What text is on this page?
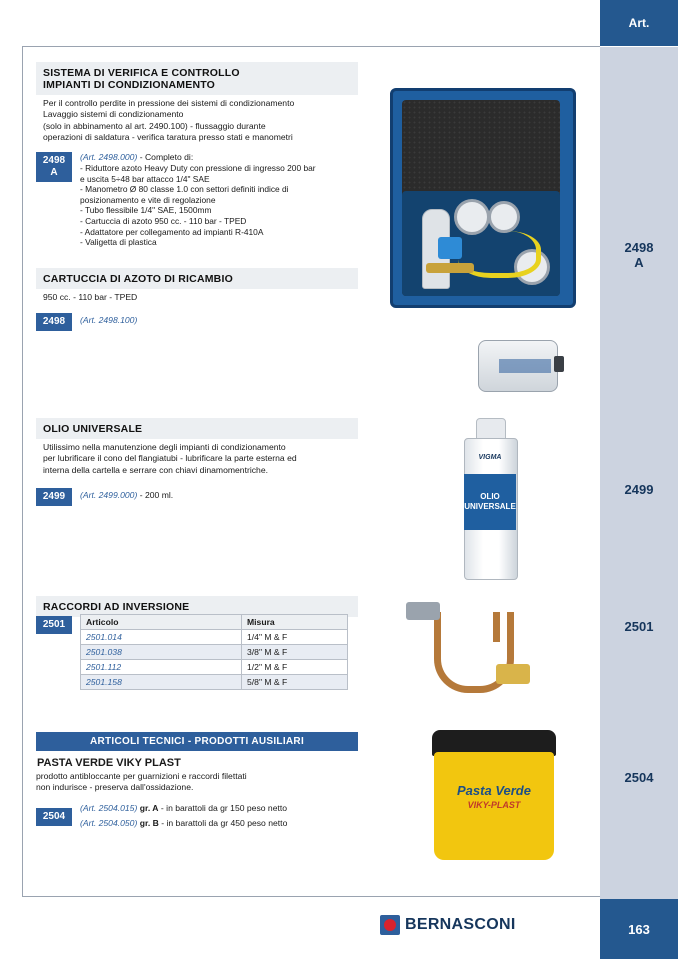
Art.
2498
A
2499
2501
2504
163
SISTEMA DI VERIFICA E CONTROLLO
IMPIANTI DI CONDIZIONAMENTO
Per il controllo perdite in pressione dei sistemi di condizionamento
Lavaggio sistemi di condizionamento
(solo in abbinamento al art. 2490.100) - flussaggio durante
operazioni di saldatura - verifica taratura presso stati e manometri
2498
A
(Art. 2498.000) - Completo di:
- Riduttore azoto Heavy Duty con pressione di ingresso 200 bar
e uscita 5÷48 bar attacco 1/4" SAE
- Manometro Ø 80 classe 1.0 con settori definiti indice di
posizionamento e vite di regolazione
- Tubo flessibile 1/4" SAE, 1500mm
- Cartuccia di azoto 950 cc. - 110 bar - TPED
- Adattatore per collegamento ad impianti R-410A
- Valigetta di plastica
CARTUCCIA DI AZOTO DI RICAMBIO
950 cc. - 110 bar - TPED
2498	(Art. 2498.100)
OLIO UNIVERSALE
Utilissimo nella manutenzione degli impianti di condizionamento
per lubrificare il cono del flangiatubi - lubrificare la parte esterna ed
interna della cartella e serrare con chiavi dinamomentriche.
2499	(Art. 2499.000) - 200 ml.
RACCORDI AD INVERSIONE
2501	Articolo	Misura
2501.014	1/4" M & F
2501.038	3/8" M & F
2501.112	1/2" M & F
2501.158	5/8" M & F
ARTICOLI TECNICI - PRODOTTI AUSILIARI
PASTA VERDE VIKY PLAST
prodotto antibloccante per guarnizioni e raccordi filettati
non indurisce - preserva dall'ossidazione.
2504
(Art. 2504.015) gr. A - in barattoli da gr 150 peso netto
(Art. 2504.050) gr. B - in barattoli da gr 450 peso netto
VIGMA
OLIO
UNIVERSALE
Pasta Verde
VIKY-PLAST
BERNASCONI
